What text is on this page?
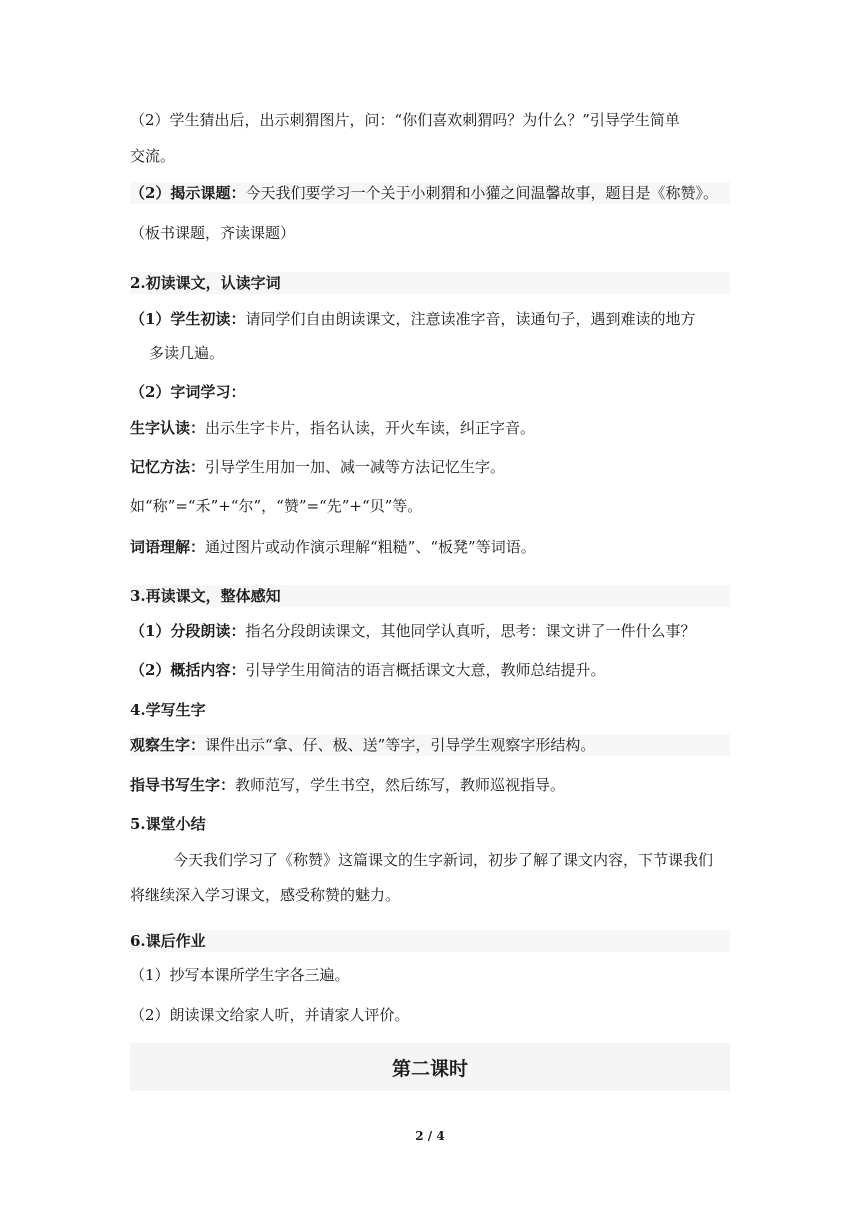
（2）学生猜出后，出示刺猬图片，问：“你们喜欢刺猬吗？为什么？”引导学生简单
交流。
（2）揭示课题：今天我们要学习一个关于小刺猬和小獾之间温馨故事，题目是《称赞》。
（板书课题，齐读课题）
2.初读课文，认读字词
（1）学生初读：请同学们自由朗读课文，注意读准字音，读通句子，遇到难读的地方
多读几遍。
（2）字词学习：
生字认读：出示生字卡片，指名认读，开火车读，纠正字音。
记忆方法：引导学生用加一加、减一减等方法记忆生字。
如“称”=“禾”+“尔”，“赞”=“先”+“贝”等。
词语理解：通过图片或动作演示理解“粗糙”、“板凳”等词语。
3.再读课文，整体感知
（1）分段朗读：指名分段朗读课文，其他同学认真听，思考：课文讲了一件什么事？
（2）概括内容：引导学生用简洁的语言概括课文大意，教师总结提升。
4.学写生字
观察生字：课件出示“拿、仔、极、送”等字，引导学生观察字形结构。
指导书写生字：教师范写，学生书空，然后练写，教师巡视指导。
5.课堂小结
今天我们学习了《称赞》这篇课文的生字新词，初步了解了课文内容，下节课我们
将继续深入学习课文，感受称赞的魅力。
6.课后作业
（1）抄写本课所学生字各三遍。
（2）朗读课文给家人听，并请家人评价。
第二课时
2 / 4
